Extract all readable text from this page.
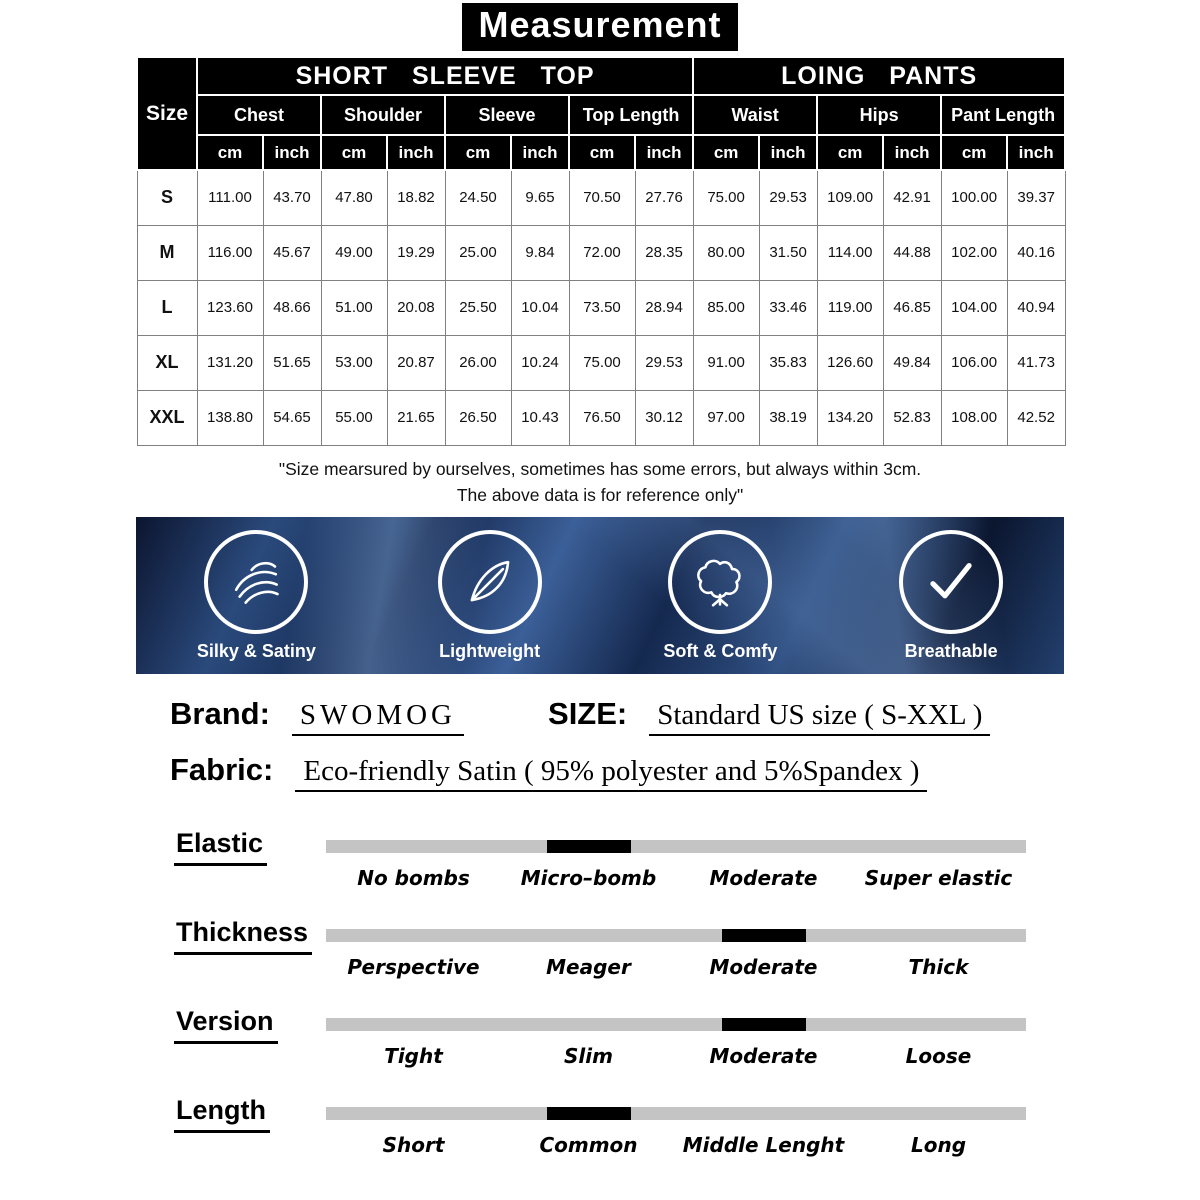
Measurement
Size	SHORT SLEEVE TOP								LOING PANTS					
	Chest		Shoulder		Sleeve		Top Length		Waist		Hips		Pant Length	
	cm	inch	cm	inch	cm	inch	cm	inch	cm	inch	cm	inch	cm	inch
S	111.00	43.70	47.80	18.82	24.50	9.65	70.50	27.76	75.00	29.53	109.00	42.91	100.00	39.37
M	116.00	45.67	49.00	19.29	25.00	9.84	72.00	28.35	80.00	31.50	114.00	44.88	102.00	40.16
L	123.60	48.66	51.00	20.08	25.50	10.04	73.50	28.94	85.00	33.46	119.00	46.85	104.00	40.94
XL	131.20	51.65	53.00	20.87	26.00	10.24	75.00	29.53	91.00	35.83	126.60	49.84	106.00	41.73
XXL	138.80	54.65	55.00	21.65	26.50	10.43	76.50	30.12	97.00	38.19	134.20	52.83	108.00	42.52
"Size mearsured by ourselves, sometimes has some errors, but always within 3cm.
The above data is for reference only"
Silky & Satiny	Lightweight	Soft & Comfy	Breathable
Brand: SWOMOG	SIZE: Standard US size ( S-XXL )
Fabric: Eco-friendly Satin ( 95% polyester and 5%Spandex )
Elastic
No bombs	Micro–bomb	Moderate	Super elastic
Thickness
Perspective	Meager	Moderate	Thick
Version
Tight	Slim	Moderate	Loose
Length
Short	Common	Middle Lenght	Long
